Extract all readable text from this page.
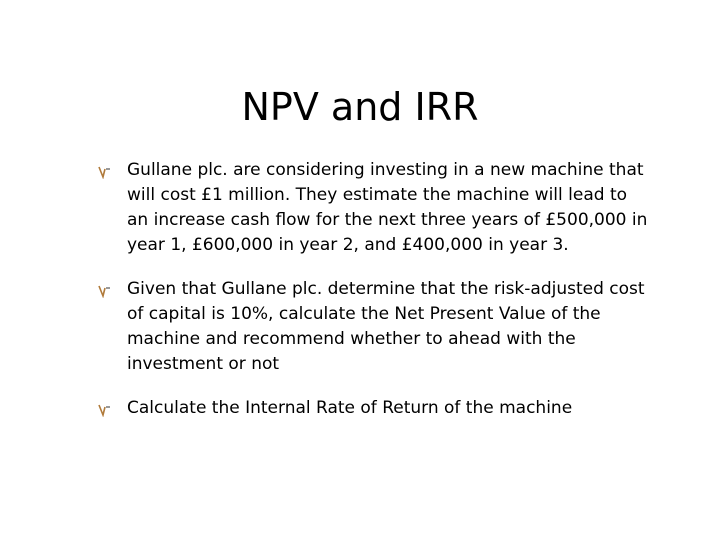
NPV and IRR
Gullane plc. are considering investing in a new machine that will cost £1 million. They estimate the machine will lead to an increase cash flow for the next three years of £500,000 in year 1, £600,000 in year 2, and £400,000 in year 3.
Given that Gullane plc. determine that the risk-adjusted cost of capital is 10%, calculate the Net Present Value of the machine and recommend whether to ahead with the investment or not
Calculate the Internal Rate of Return of the machine
